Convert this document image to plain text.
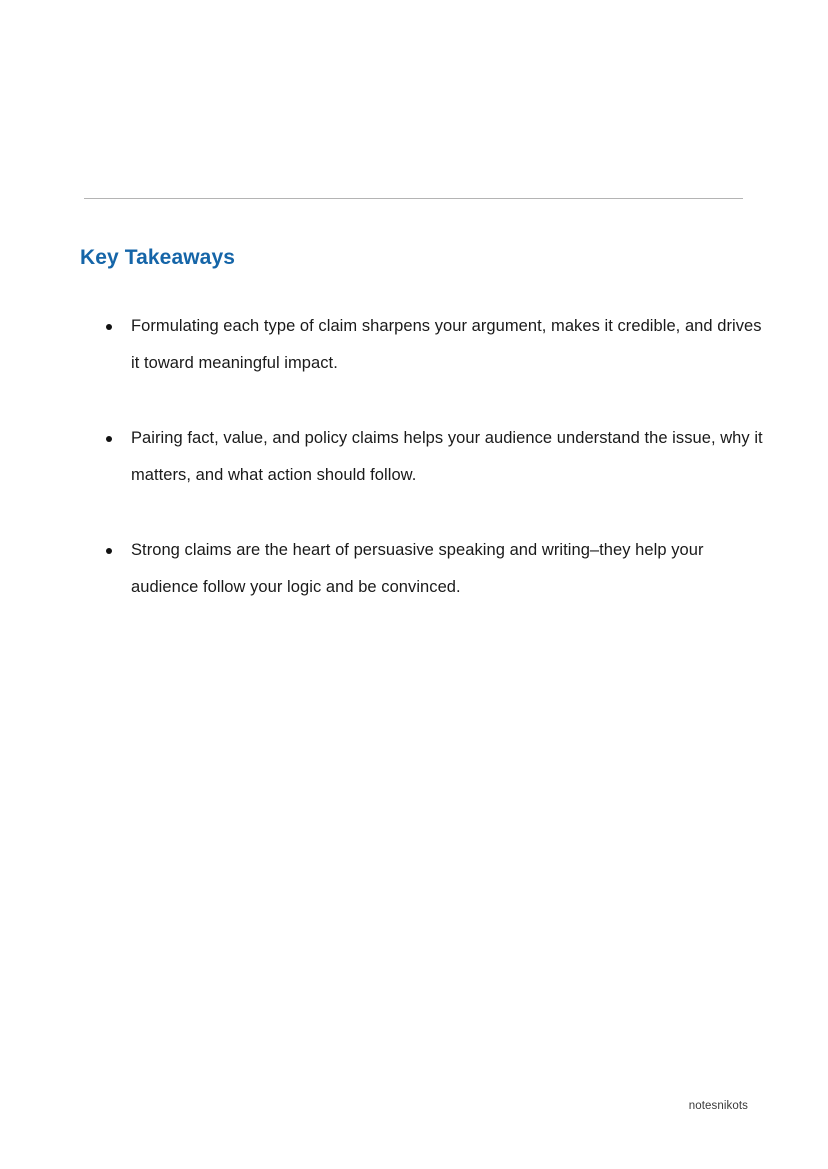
Key Takeaways
Formulating each type of claim sharpens your argument, makes it credible, and drives it toward meaningful impact.
Pairing fact, value, and policy claims helps your audience understand the issue, why it matters, and what action should follow.
Strong claims are the heart of persuasive speaking and writing–they help your audience follow your logic and be convinced.
notesnikots
